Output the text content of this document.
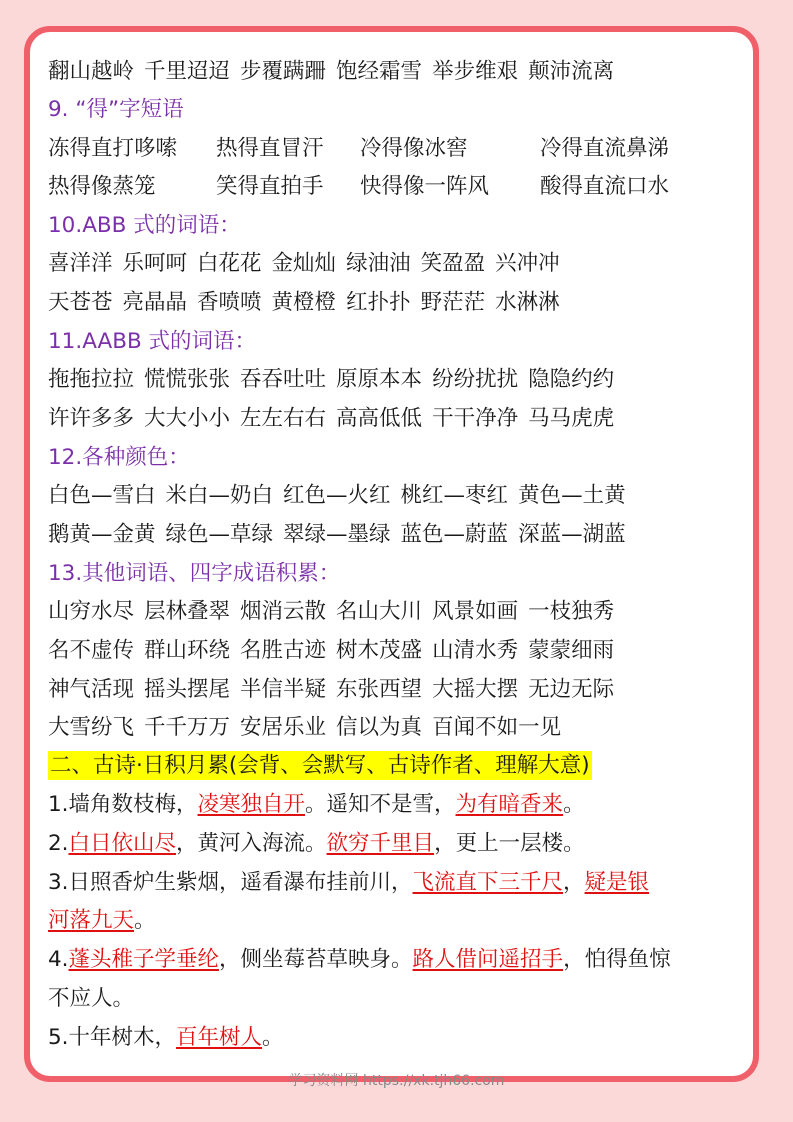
翻山越岭 千里迢迢 步覆蹒跚 饱经霜雪 举步维艰 颠沛流离
9. “得”字短语
冻得直打哆嗦 热得直冒汗 冷得像冰窖	冷得直流鼻涕
热得像蒸笼	笑得直拍手 快得像一阵风 酸得直流口水
10.ABB 式的词语：
喜洋洋 乐呵呵 白花花 金灿灿 绿油油 笑盈盈 兴冲冲
天苍苍 亮晶晶 香喷喷 黄橙橙 红扑扑 野茫茫 水淋淋
11.AABB 式的词语：
拖拖拉拉 慌慌张张 吞吞吐吐 原原本本 纷纷扰扰 隐隐约约
许许多多 大大小小 左左右右 高高低低 干干净净 马马虎虎
12.各种颜色：
白色—雪白 米白—奶白 红色—火红 桃红—枣红 黄色—土黄
鹅黄—金黄 绿色—草绿 翠绿—墨绿 蓝色—蔚蓝 深蓝—湖蓝
13.其他词语、四字成语积累：
山穷水尽 层林叠翠 烟消云散 名山大川 风景如画 一枝独秀
名不虚传 群山环绕 名胜古迹 树木茂盛 山清水秀 蒙蒙细雨
神气活现 摇头摆尾 半信半疑 东张西望 大摇大摆 无边无际
大雪纷飞 千千万万 安居乐业 信以为真 百闻不如一见
二、古诗·日积月累(会背、会默写、古诗作者、理解大意)
1.墙角数枝梅，凌寒独自开。遥知不是雪，为有暗香来。
2.白日依山尽，黄河入海流。欲穷千里目，更上一层楼。
3.日照香炉生紫烟，遥看瀑布挂前川，飞流直下三千尺，疑是银
河落九天。
4.蓬头稚子学垂纶，侧坐莓苔草映身。路人借问遥招手，怕得鱼惊
不应人。
5.十年树木，百年树人。
学习资料网 https://xk.tjh66.com
